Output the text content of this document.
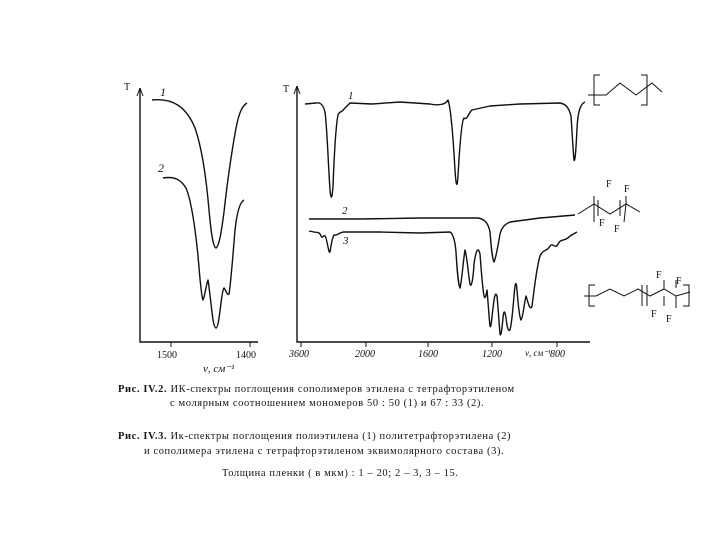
T
1500	1400
ν, см⁻¹
1
2
T
3600	2000	1600	1200	800
ν, см⁻¹
1
2
3
F F
F
F
F
F
F F
Рис. IV.2. ИК-спектры поглощения сополимеров этилена с тетрафторэтиленом
с молярным соотношением мономеров 50 : 50 (1) и 67 : 33 (2).
Рис. IV.3. Ик-спектры поглощения полиэтилена (1) политетрафторэтилена (2)
и сополимера этилена с тетрафторэтиленом эквимолярного состава (3).
Толщина пленки ( в мкм) : 1 – 20; 2 – 3, 3 – 15.
